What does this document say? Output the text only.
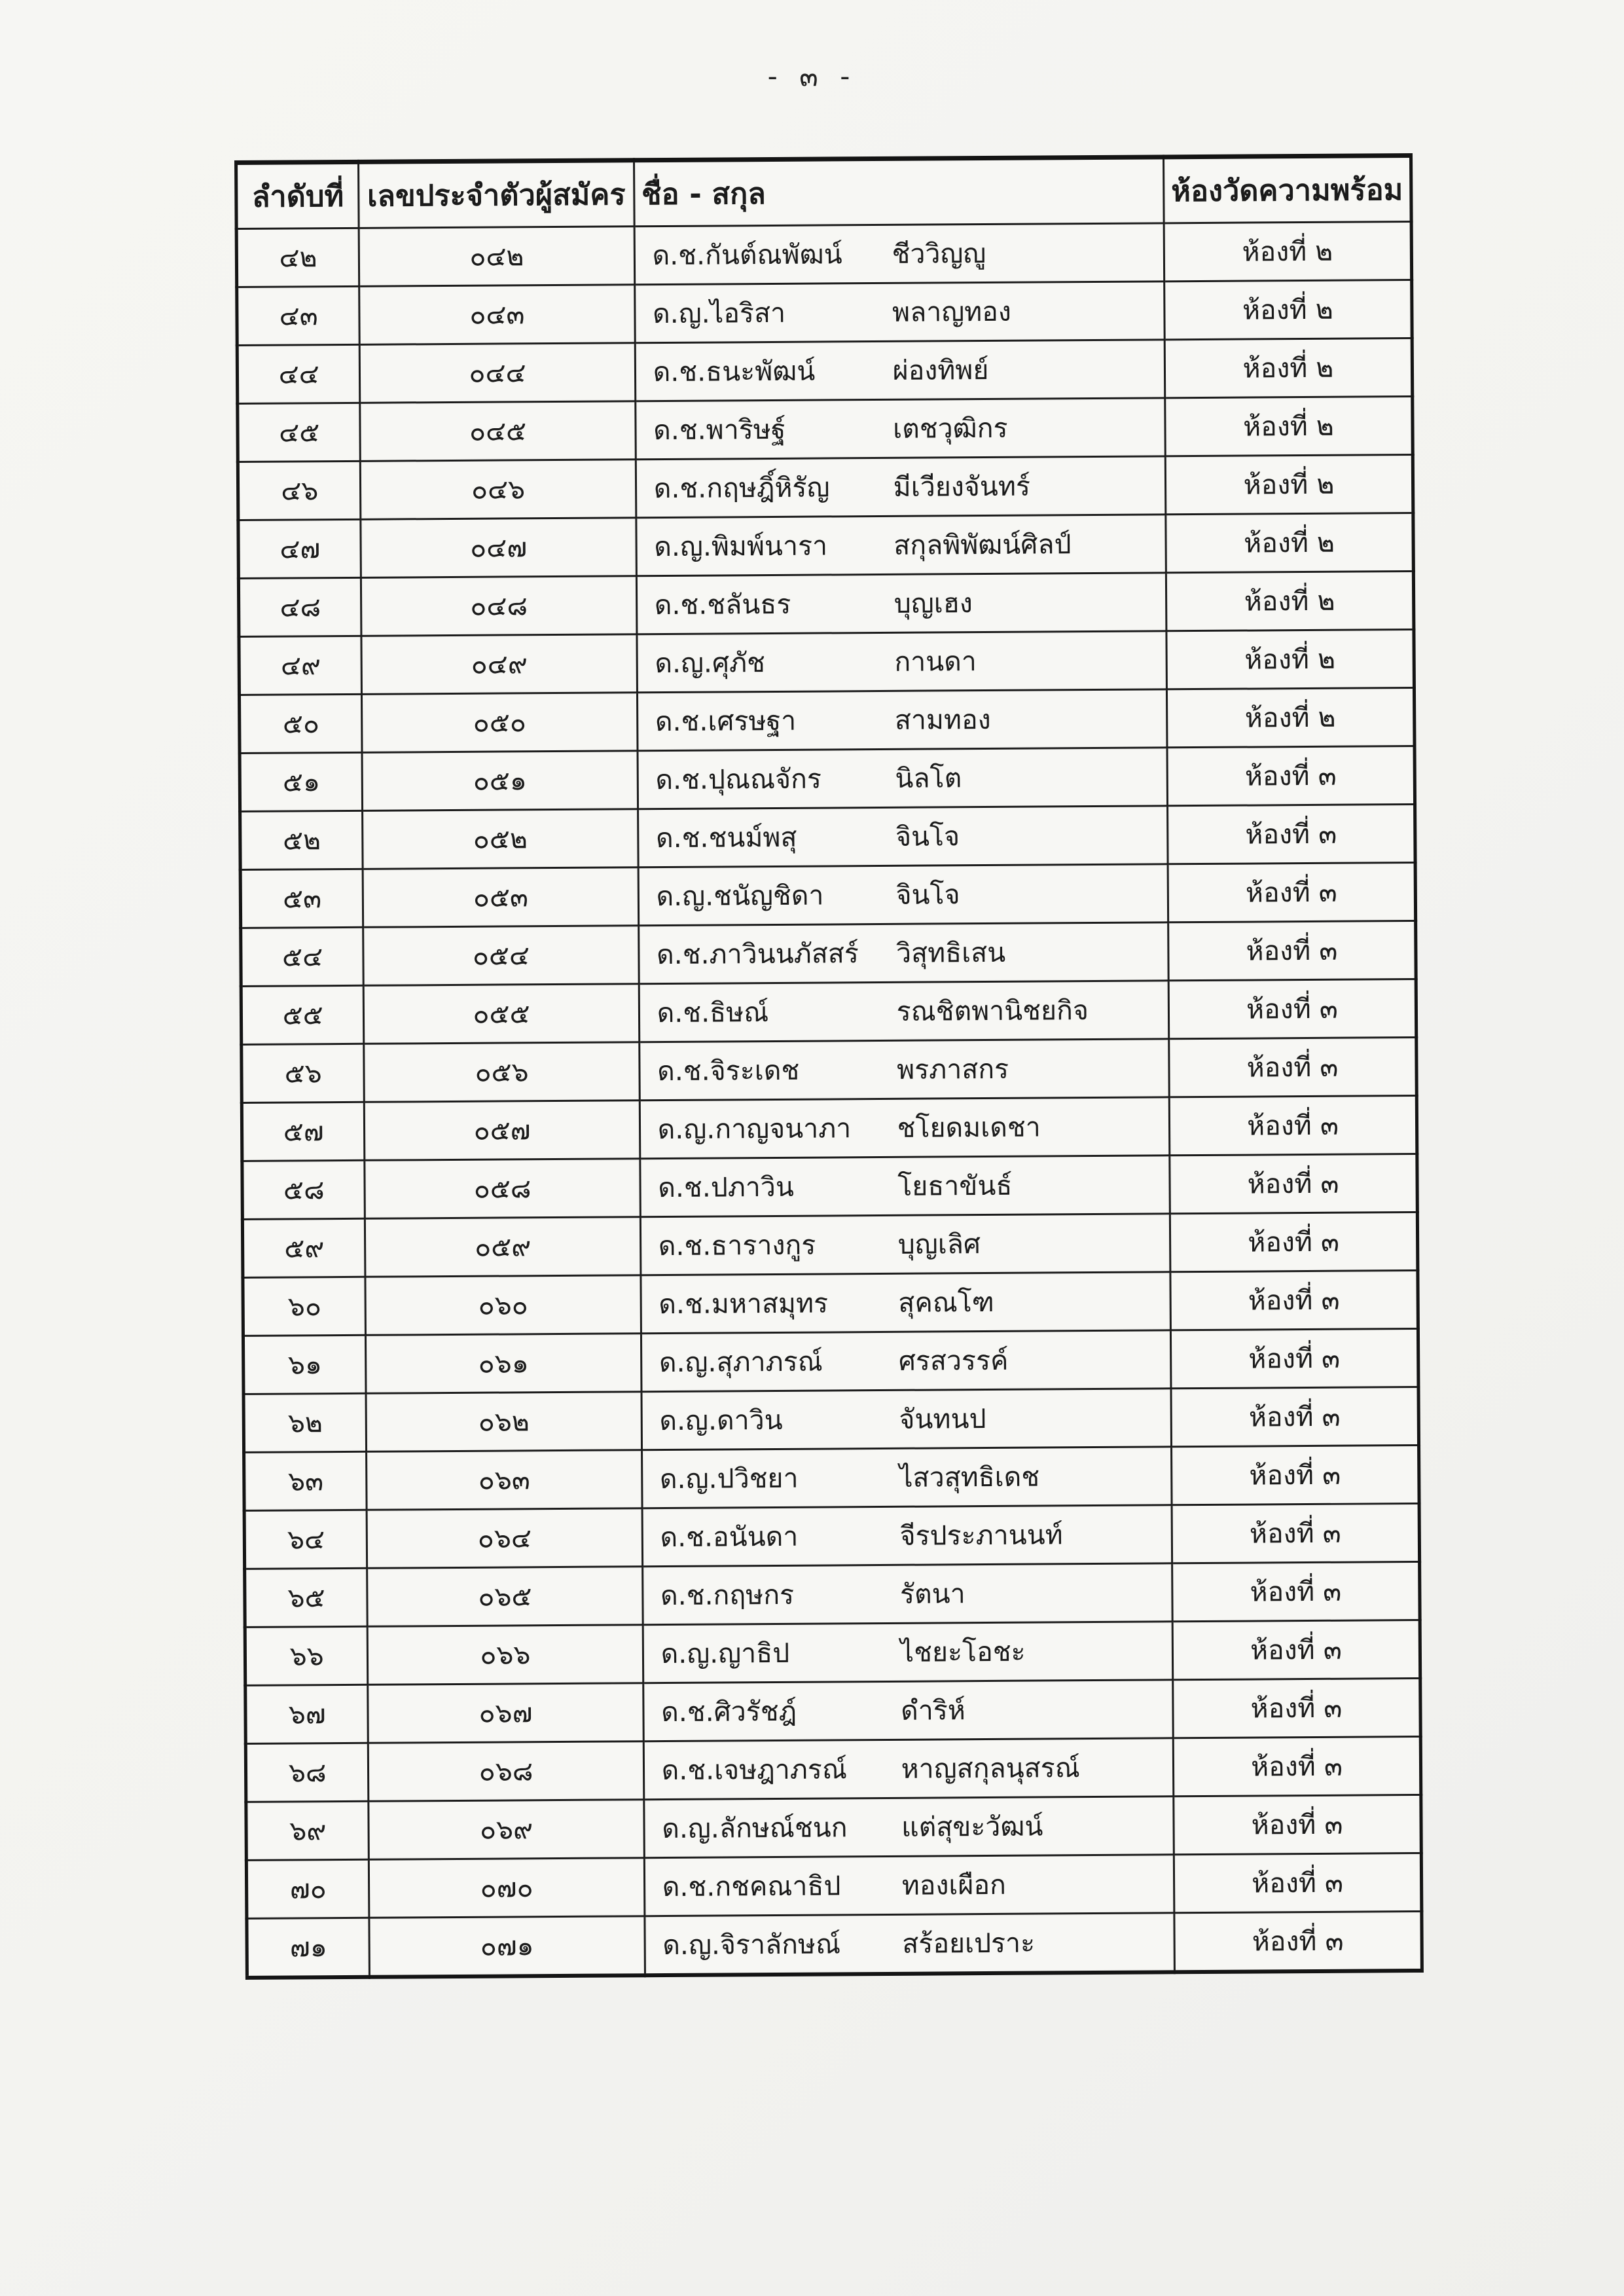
- ๓ -
ลำดับที่	เลขประจำตัวผู้สมัคร	ชื่อ - สกุล	ห้องวัดความพร้อม
๔๒	๐๔๒	ด.ช.กันต์ณพัฒน์ ชีววิญญู	ห้องที่ ๒
๔๓	๐๔๓	ด.ญ.ไอริสา พลาญทอง	ห้องที่ ๒
๔๔	๐๔๔	ด.ช.ธนะพัฒน์ ผ่องทิพย์	ห้องที่ ๒
๔๕	๐๔๕	ด.ช.พาริษฐ์ เตชวุฒิกร	ห้องที่ ๒
๔๖	๐๔๖	ด.ช.กฤษฎิ์หิรัญ มีเวียงจันทร์	ห้องที่ ๒
๔๗	๐๔๗	ด.ญ.พิมพ์นารา สกุลพิพัฒน์ศิลป์	ห้องที่ ๒
๔๘	๐๔๘	ด.ช.ชลันธร บุญเฮง	ห้องที่ ๒
๔๙	๐๔๙	ด.ญ.ศุภัช กานดา	ห้องที่ ๒
๕๐	๐๕๐	ด.ช.เศรษฐา สามทอง	ห้องที่ ๒
๕๑	๐๕๑	ด.ช.ปุณณจักร นิลโต	ห้องที่ ๓
๕๒	๐๕๒	ด.ช.ชนม์พสุ จินโจ	ห้องที่ ๓
๕๓	๐๕๓	ด.ญ.ชนัญชิดา จินโจ	ห้องที่ ๓
๕๔	๐๕๔	ด.ช.ภาวินนภัสสร์ วิสุทธิเสน	ห้องที่ ๓
๕๕	๐๕๕	ด.ช.ธิษณ์ รณชิตพานิชยกิจ	ห้องที่ ๓
๕๖	๐๕๖	ด.ช.จิระเดช พรภาสกร	ห้องที่ ๓
๕๗	๐๕๗	ด.ญ.กาญจนาภา ชโยดมเดชา	ห้องที่ ๓
๕๘	๐๕๘	ด.ช.ปภาวิน โยธาขันธ์	ห้องที่ ๓
๕๙	๐๕๙	ด.ช.ธารางกูร บุญเลิศ	ห้องที่ ๓
๖๐	๐๖๐	ด.ช.มหาสมุทร สุคณโฑ	ห้องที่ ๓
๖๑	๐๖๑	ด.ญ.สุภาภรณ์ ศรสวรรค์	ห้องที่ ๓
๖๒	๐๖๒	ด.ญ.ดาวิน จันทนป	ห้องที่ ๓
๖๓	๐๖๓	ด.ญ.ปวิชยา ไสวสุทธิเดช	ห้องที่ ๓
๖๔	๐๖๔	ด.ช.อนันดา จีรประภานนท์	ห้องที่ ๓
๖๕	๐๖๕	ด.ช.กฤษกร รัตนา	ห้องที่ ๓
๖๖	๐๖๖	ด.ญ.ญาธิป ไชยะโอชะ	ห้องที่ ๓
๖๗	๐๖๗	ด.ช.ศิวรัชฎ์ ดำริห์	ห้องที่ ๓
๖๘	๐๖๘	ด.ช.เจษฎาภรณ์ หาญสกุลนุสรณ์	ห้องที่ ๓
๖๙	๐๖๙	ด.ญ.ลักษณ์ชนก แต่สุขะวัฒน์	ห้องที่ ๓
๗๐	๐๗๐	ด.ช.กชคณาธิป ทองเผือก	ห้องที่ ๓
๗๑	๐๗๑	ด.ญ.จิราลักษณ์ สร้อยเปราะ	ห้องที่ ๓
